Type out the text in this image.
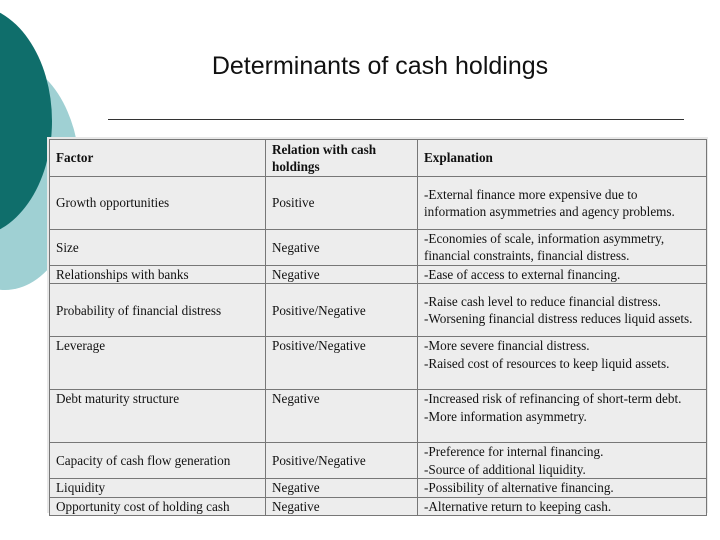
Determinants of cash holdings
Factor	Relation with cash holdings	Explanation
Growth opportunities	Positive	-External finance more expensive due to information asymmetries and agency problems.

Size	Negative	-Economies of scale, information asymmetry, financial constraints, financial distress.

Relationships with banks	Negative	-Ease of access to external financing.

Probability of financial distress	Positive/Negative	-Raise cash level to reduce financial distress.
-Worsening financial distress reduces liquid assets.

Leverage	Positive/Negative	-More severe financial distress.
-Raised cost of resources to keep liquid assets.

Debt maturity structure	Negative	-Increased risk of refinancing of short-term debt.
-More information asymmetry.

Capacity of cash flow generation	Positive/Negative	-Preference for internal financing.
-Source of additional liquidity.

Liquidity	Negative	-Possibility of alternative financing.

Opportunity cost of holding cash	Negative	-Alternative return to keeping cash.
